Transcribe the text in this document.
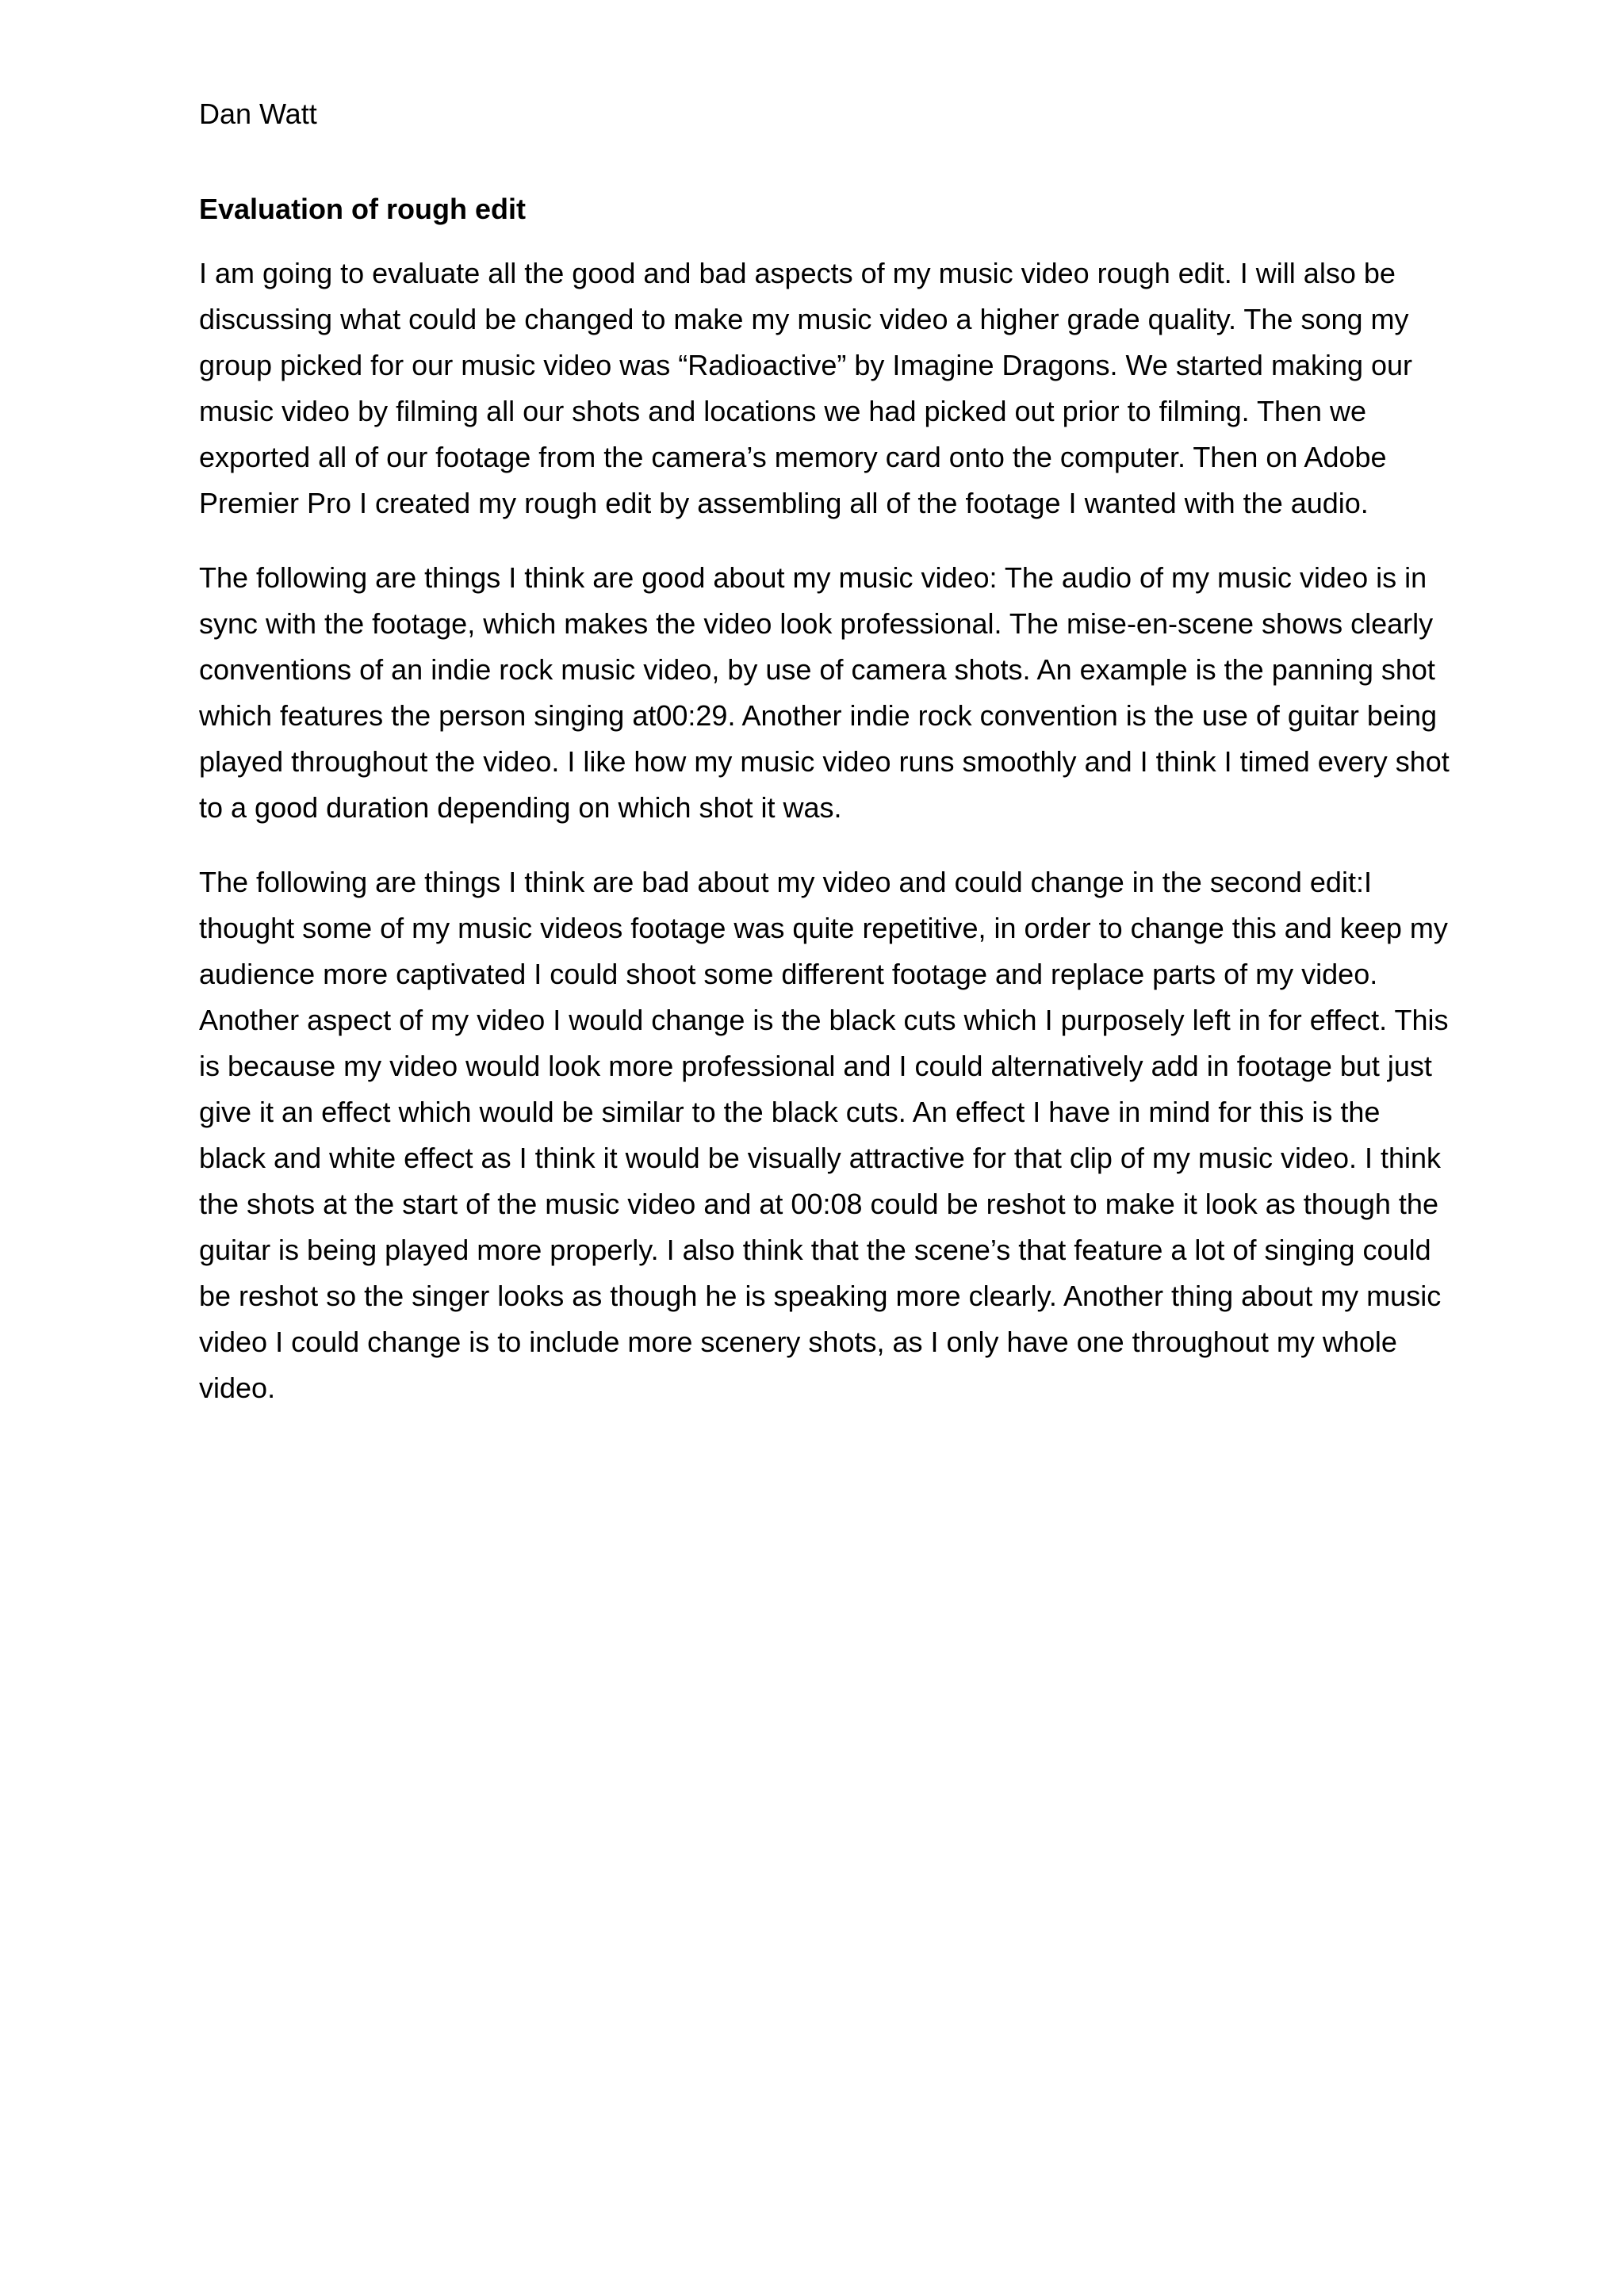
Dan Watt
Evaluation of rough edit

I am going to evaluate all the good and bad aspects of my music video rough edit. I will also be discussing what could be changed to make my music video a higher grade quality. The song my group picked for our music video was “Radioactive” by Imagine Dragons. We started making our music video by filming all our shots and locations we had picked out prior to filming. Then we exported all of our footage from the camera’s memory card onto the computer. Then on Adobe Premier Pro I created my rough edit by assembling all of the footage I wanted with the audio.

The following are things I think are good about my music video: The audio of my music video is in sync with the footage, which makes the video look professional. The mise-en-scene shows clearly conventions of an indie rock music video, by use of camera shots. An example is the panning shot which features the person singing at00:29. Another indie rock convention is the use of guitar being played throughout the video. I like how my music video runs smoothly and I think I timed every shot to a good duration depending on which shot it was.

The following are things I think are bad about my video and could change in the second edit:I thought some of my music videos footage was quite repetitive, in order to change this and keep my audience more captivated I could shoot some different footage and replace parts of my video. Another aspect of my video I would change is the black cuts which I purposely left in for effect. This is because my video would look more professional and I could alternatively add in footage but just give it an effect which would be similar to the black cuts. An effect I have in mind for this is the black and white effect as I think it would be visually attractive for that clip of my music video. I think the shots at the start of the music video and at 00:08 could be reshot to make it look as though the guitar is being played more properly. I also think that the scene’s that feature a lot of singing could be reshot so the singer looks as though he is speaking more clearly. Another thing about my music video I could change is to include more scenery shots, as I only have one throughout my whole video.
